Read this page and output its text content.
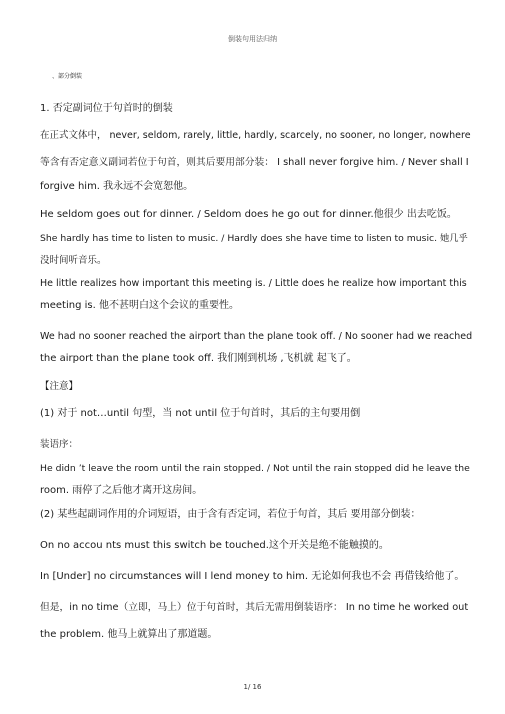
倒装句用法归纳
、部分倒装
1. 否定副词位于句首时的倒装
在正式文体中， never, seldom, rarely, little, hardly, scarcely, no sooner, no longer, nowhere
等含有否定意义副词若位于句首，则其后要用部分装： I shall never forgive him. / Never shall I
forgive him. 我永远不会宽恕他。
He seldom goes out for dinner. / Seldom does he go out for dinner.他很少 出去吃饭。
She hardly has time to listen to music. / Hardly does she have time to listen to music. 她几乎
没时间听音乐。
He little realizes how important this meeting is. / Little does he realize how important this
meeting is. 他不甚明白这个会议的重要性。
We had no sooner reached the airport than the plane took off. / No sooner had we reached
the airport than the plane took off. 我们刚到机场 ,飞机就 起飞了。
【注意】
(1) 对于 not…until 句型，当 not until 位于句首时，其后的主句要用倒
装语序：
He didn ’t leave the room until the rain stopped. / Not until the rain stopped did he leave the
room. 雨停了之后他才离开这房间。
(2) 某些起副词作用的介词短语，由于含有否定词，若位于句首，其后 要用部分倒装：
On no accou nts must this switch be touched.这个开关是绝不能触摸的。
In [Under] no circumstances will I lend money to him. 无论如何我也不会 再借钱给他了。
但是，in no time（立即，马上）位于句首时，其后无需用倒装语序： In no time he worked out
the problem. 他马上就算出了那道题。
1/ 16
